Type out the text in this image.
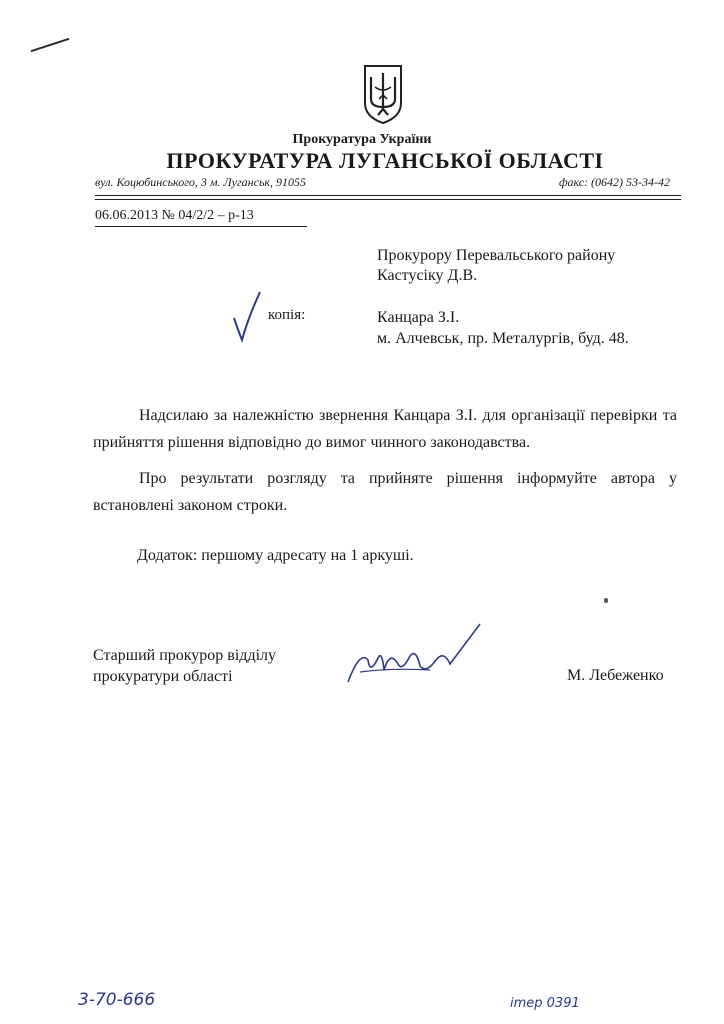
Прокуратура України
ПРОКУРАТУРА ЛУГАНСЬКОЇ ОБЛАСТІ
вул. Коцюбинського, 3 м. Луганськ, 91055	факс: (0642) 53-34-42
06.06.2013 № 04/2/2 – р-13
Прокурору Перевальського району
Кастусіку Д.В.
копія:	Канцара З.І.
м. Алчевськ, пр. Металургів, буд. 48.
Надсилаю за належністю звернення Канцара З.І. для організації перевірки та прийняття рішення відповідно до вимог чинного законодавства.
Про результати розгляду та прийняте рішення інформуйте автора у встановлені законом строки.
Додаток: першому адресату на 1 аркуші.
Старший прокурор відділу
прокуратури області	М. Лебеженко
3-70-666	imeр 0391
